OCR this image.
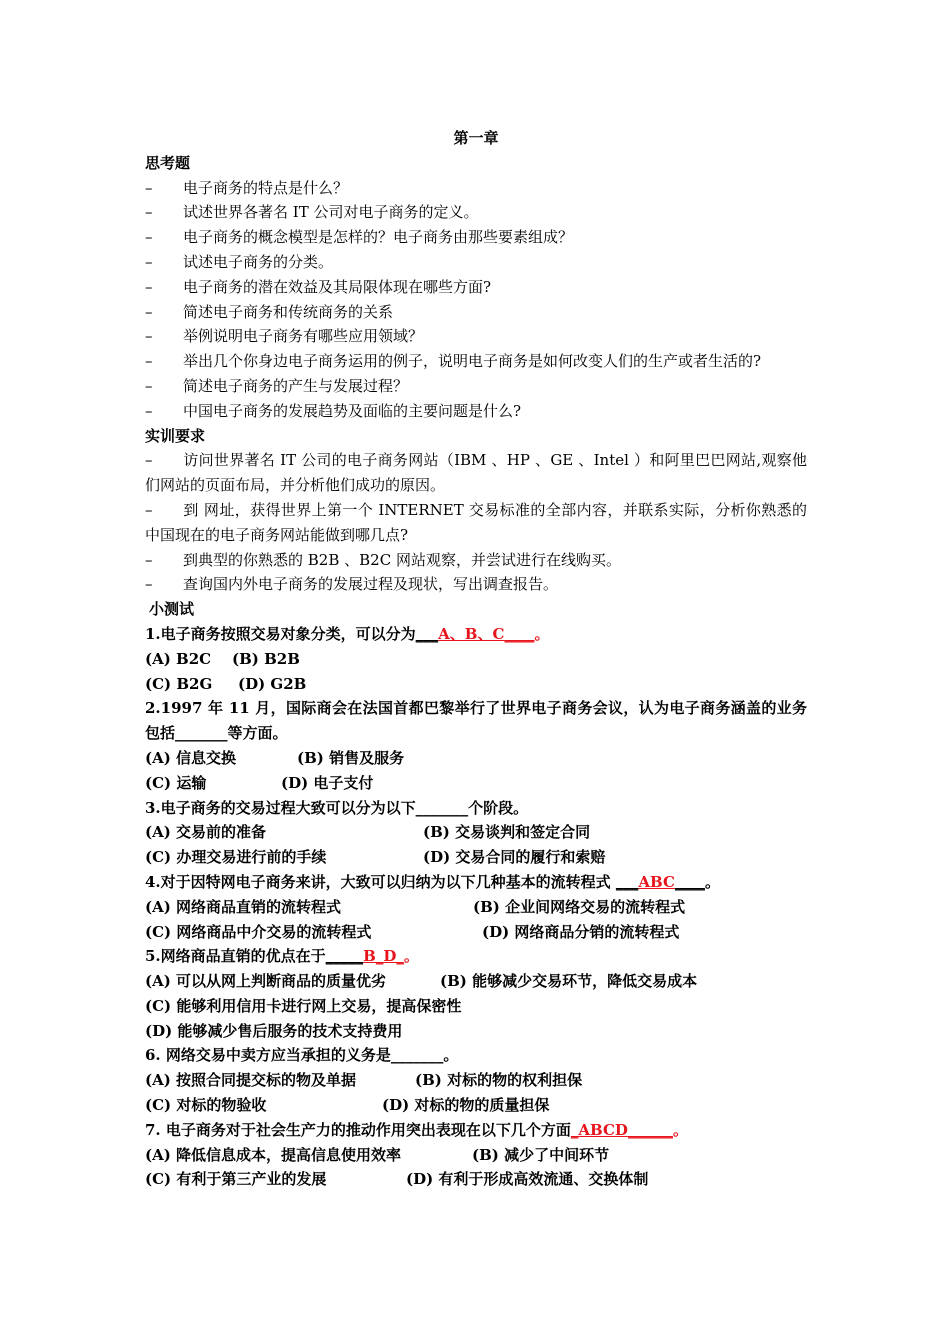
第一章
思考题
– 电子商务的特点是什么？
– 试述世界各著名 IT 公司对电子商务的定义。
– 电子商务的概念模型是怎样的？电子商务由那些要素组成？
– 试述电子商务的分类。
– 电子商务的潜在效益及其局限体现在哪些方面?
– 简述电子商务和传统商务的关系
– 举例说明电子商务有哪些应用领域？
– 举出几个你身边电子商务运用的例子，说明电子商务是如何改变人们的生产或者生活的?
– 简述电子商务的产生与发展过程？
– 中国电子商务的发展趋势及面临的主要问题是什么?
实训要求
– 访问世界著名 IT 公司的电子商务网站（IBM 、HP 、GE 、Intel ）和阿里巴巴网站,观察他们网站的页面布局，并分析他们成功的原因。
– 到 网址，获得世界上第一个 INTERNET 交易标准的全部内容，并联系实际，分析你熟悉的中国现在的电子商务网站能做到哪几点?
– 到典型的你熟悉的 B2B 、B2C 网站观察，并尝试进行在线购买。
– 查询国内外电子商务的发展过程及现状，写出调查报告。
小测试
1.电子商务按照交易对象分类，可以分为___A、B、C____。
(A) B2C (B) B2B
(C) B2G (D) G2B
2.1997 年 11 月，国际商会在法国首都巴黎举行了世界电子商务会议，认为电子商务涵盖的业务包括_______等方面。
(A) 信息交换	(B) 销售及服务
(C) 运输	(D) 电子支付
3.电子商务的交易过程大致可以分为以下_______个阶段。
(A) 交易前的准备	(B) 交易谈判和签定合同
(C) 办理交易进行前的手续	(D) 交易合同的履行和索赔
4.对于因特网电子商务来讲，大致可以归纳为以下几种基本的流转程式 ___ABC____。
(A) 网络商品直销的流转程式	(B) 企业间网络交易的流转程式
(C) 网络商品中介交易的流转程式	(D) 网络商品分销的流转程式
5.网络商品直销的优点在于_____B_D_。
(A) 可以从网上判断商品的质量优劣	(B) 能够减少交易环节，降低交易成本
(C) 能够利用信用卡进行网上交易，提高保密性
(D) 能够减少售后服务的技术支持费用
6. 网络交易中卖方应当承担的义务是_______。
(A) 按照合同提交标的物及单据	(B) 对标的物的权利担保
(C) 对标的物验收	(D) 对标的物的质量担保
7. 电子商务对于社会生产力的推动作用突出表现在以下几个方面_ABCD______。
(A) 降低信息成本，提高信息使用效率	(B) 减少了中间环节
(C) 有利于第三产业的发展	(D) 有利于形成高效流通、交换体制
